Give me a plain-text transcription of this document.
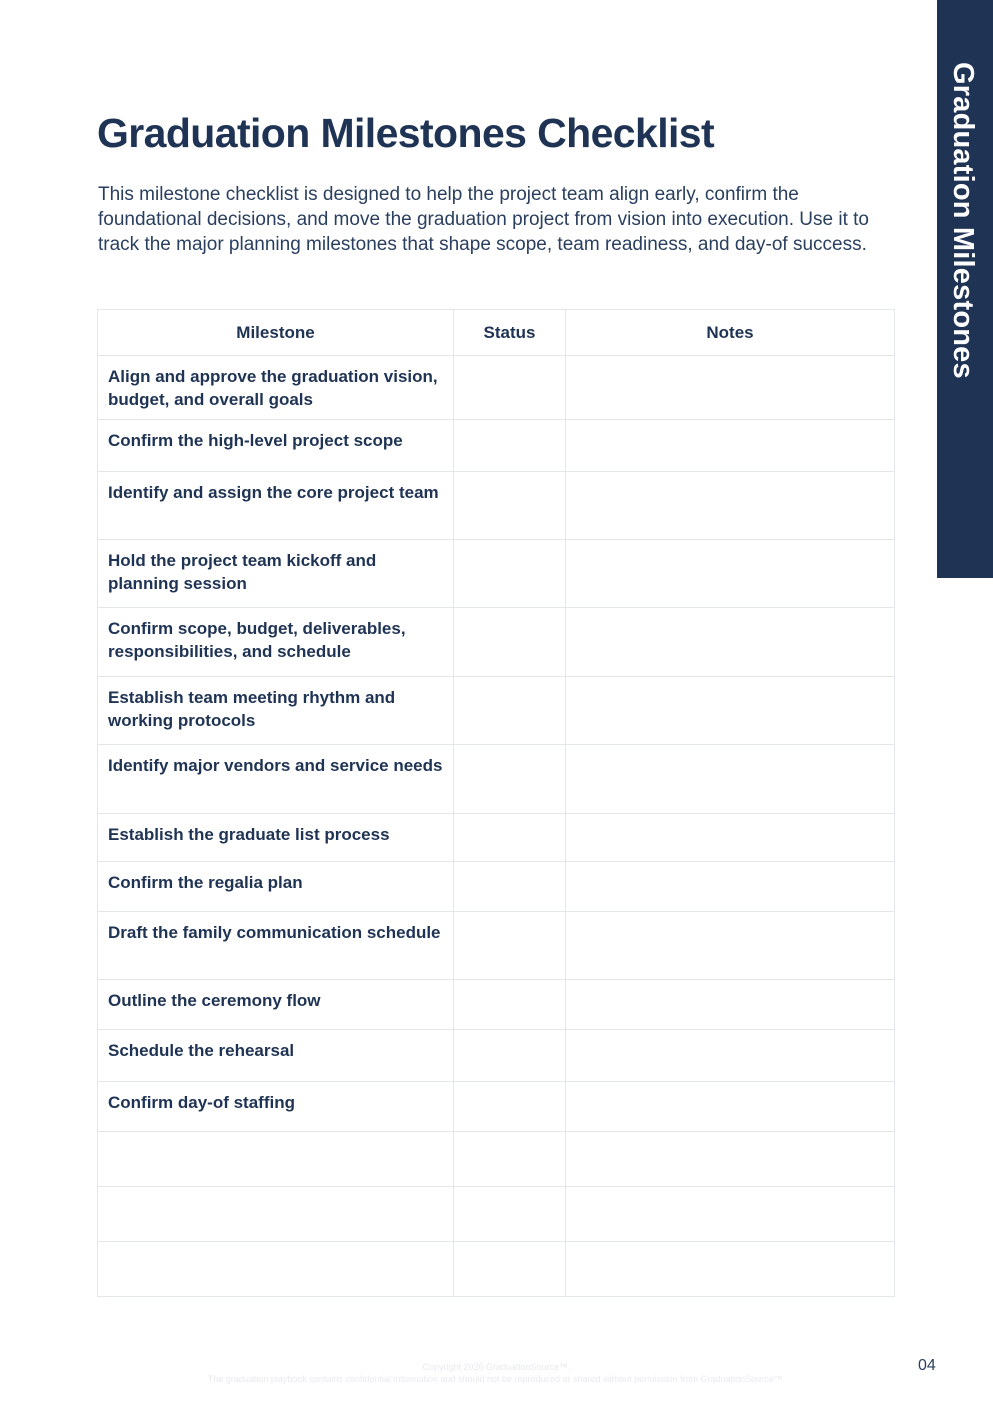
Graduation Milestones
Graduation Milestones Checklist

This milestone checklist is designed to help the project team align early, confirm the foundational decisions, and move the graduation project from vision into execution. Use it to track the major planning milestones that shape scope, team readiness, and day-of success.

Milestone	Status	Notes
Align and approve the graduation vision, budget, and overall goals		
Confirm the high-level project scope		
Identify and assign the core project team		
Hold the project team kickoff and planning session		
Confirm scope, budget, deliverables, responsibilities, and schedule		
Establish team meeting rhythm and working protocols		
Identify major vendors and service needs		
Establish the graduate list process		
Confirm the regalia plan		
Draft the family communication schedule		
Outline the ceremony flow		
Schedule the rehearsal		
Confirm day-of staffing		

Copyright 2026 GraduationSource™.
The graduation playbook contains confidential information and should not be reproduced or shared without permission from GraduationSource™.
04
